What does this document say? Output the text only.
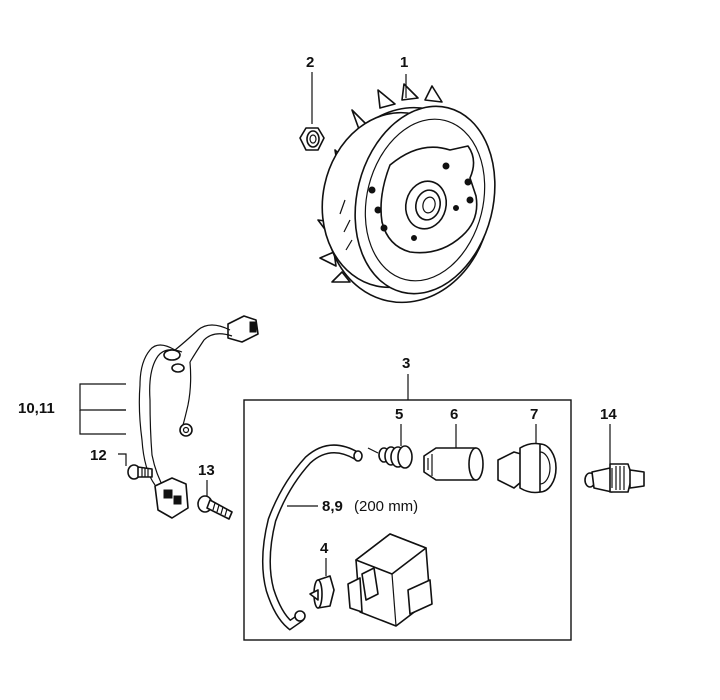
1
2
10,11
12
13
3
5	6	7
8,9 (200 mm)
4
14
